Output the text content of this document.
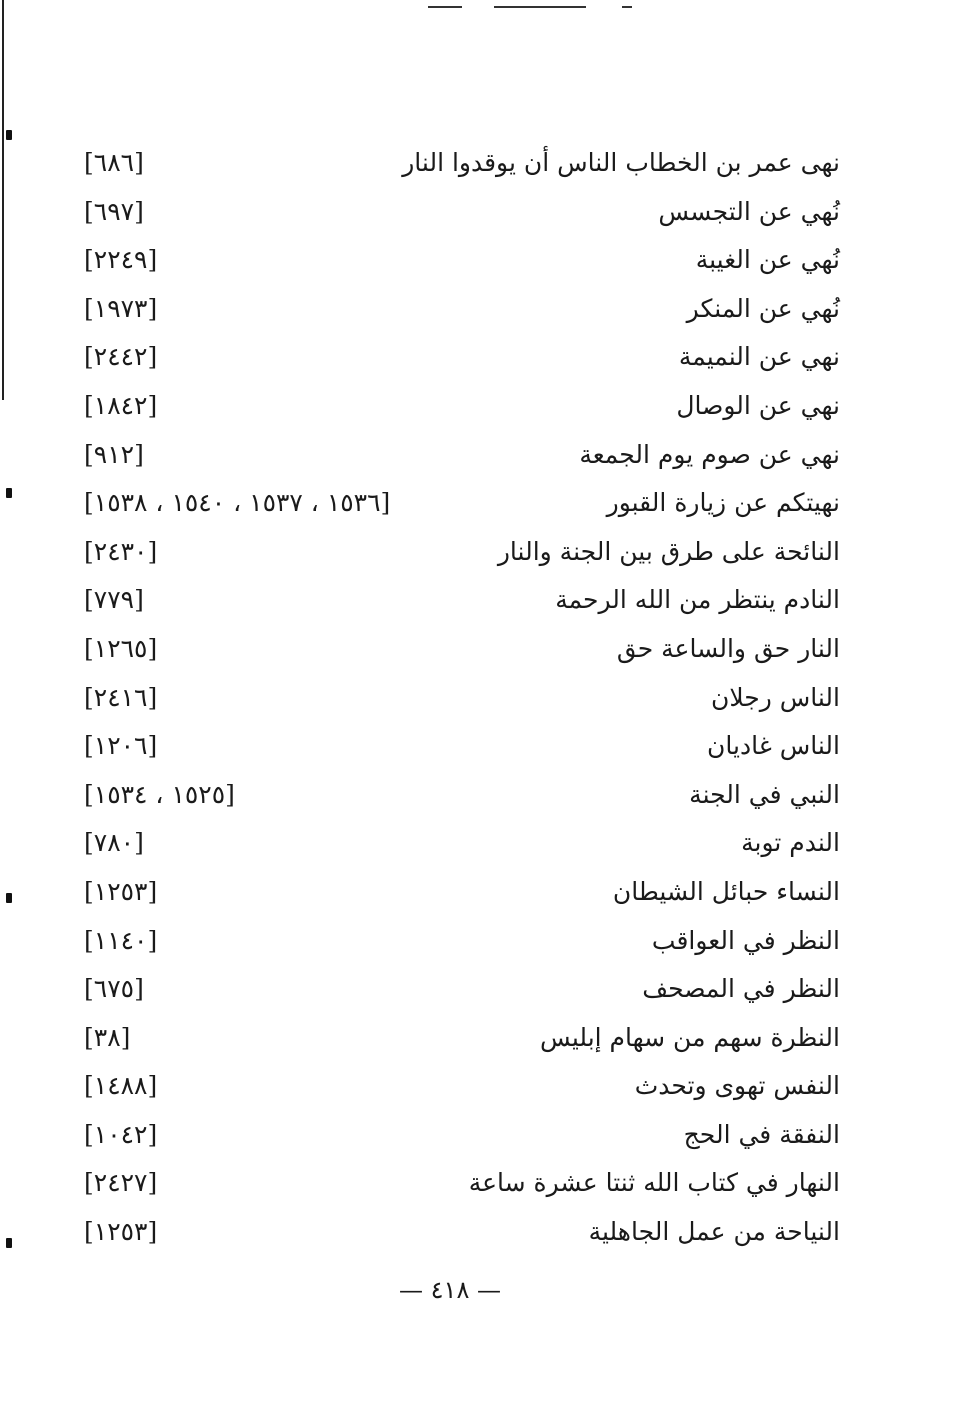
نهى عمر بن الخطاب الناس أن يوقدوا النار
[٦٨٦]
نُهي عن التجسس
[٦٩٧]
نُهي عن الغيبة
[٢٢٤٩]
نُهي عن المنكر
[١٩٧٣]
نهي عن النميمة
[٢٤٤٢]
نهي عن الوصال
[١٨٤٢]
نهي عن صوم يوم الجمعة
[٩١٢]
نهيتكم عن زيارة القبور
[١٥٣٦ ، ١٥٣٧ ، ١٥٤٠ ، ١٥٣٨]
النائحة على طرق بين الجنة والنار
[٢٤٣٠]
النادم ينتظر من الله الرحمة
[٧٧٩]
النار حق والساعة حق
[١٢٦٥]
الناس رجلان
[٢٤١٦]
الناس غاديان
[١٢٠٦]
النبي في الجنة
[١٥٢٥ ، ١٥٣٤]
الندم توبة
[٧٨٠]
النساء حبائل الشيطان
[١٢٥٣]
النظر في العواقب
[١١٤٠]
النظر في المصحف
[٦٧٥]
النظرة سهم من سهام إبليس
[٣٨]
النفس تهوى وتحدث
[١٤٨٨]
النفقة في الحج
[١٠٤٢]
النهار في كتاب الله ثنتا عشرة ساعة
[٢٤٢٧]
النياحة من عمل الجاهلية
[١٢٥٣]
— ٤١٨ —
